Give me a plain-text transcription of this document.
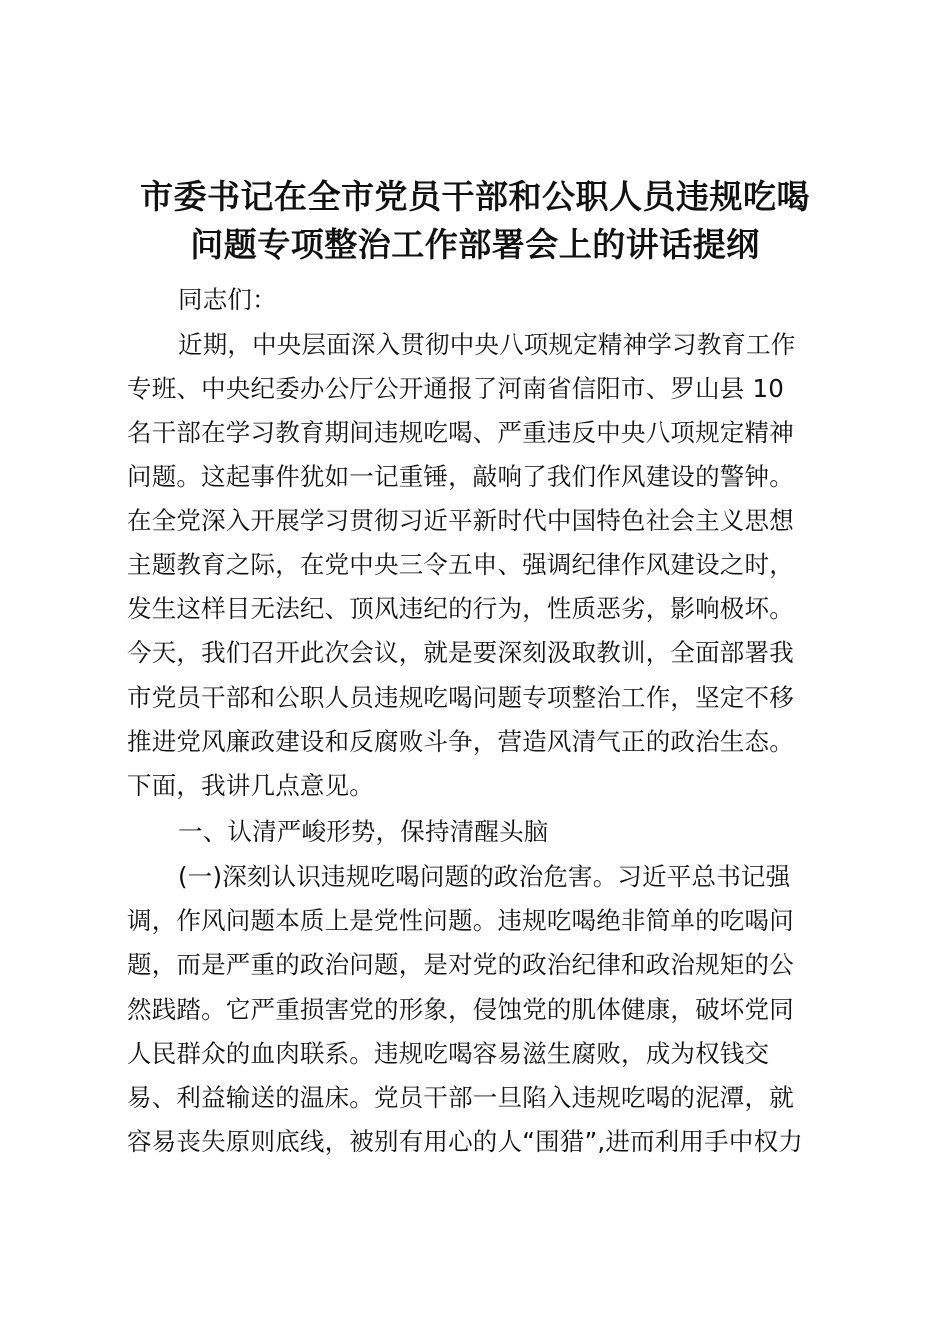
市委书记在全市党员干部和公职人员违规吃喝
问题专项整治工作部署会上的讲话提纲
同志们：
近期，中央层面深入贯彻中央八项规定精神学习教育工作
专班、中央纪委办公厅公开通报了河南省信阳市、罗山县 10
名干部在学习教育期间违规吃喝、严重违反中央八项规定精神
问题。这起事件犹如一记重锤，敲响了我们作风建设的警钟。
在全党深入开展学习贯彻习近平新时代中国特色社会主义思想
主题教育之际，在党中央三令五申、强调纪律作风建设之时，
发生这样目无法纪、顶风违纪的行为，性质恶劣，影响极坏。
今天，我们召开此次会议，就是要深刻汲取教训，全面部署我
市党员干部和公职人员违规吃喝问题专项整治工作，坚定不移
推进党风廉政建设和反腐败斗争，营造风清气正的政治生态。
下面，我讲几点意见。
一、认清严峻形势，保持清醒头脑
(一)深刻认识违规吃喝问题的政治危害。习近平总书记强
调，作风问题本质上是党性问题。违规吃喝绝非简单的吃喝问
题，而是严重的政治问题，是对党的政治纪律和政治规矩的公
然践踏。它严重损害党的形象，侵蚀党的肌体健康，破坏党同
人民群众的血肉联系。违规吃喝容易滋生腐败，成为权钱交
易、利益输送的温床。党员干部一旦陷入违规吃喝的泥潭，就
容易丧失原则底线，被别有用心的人“围猎”,进而利用手中权力
